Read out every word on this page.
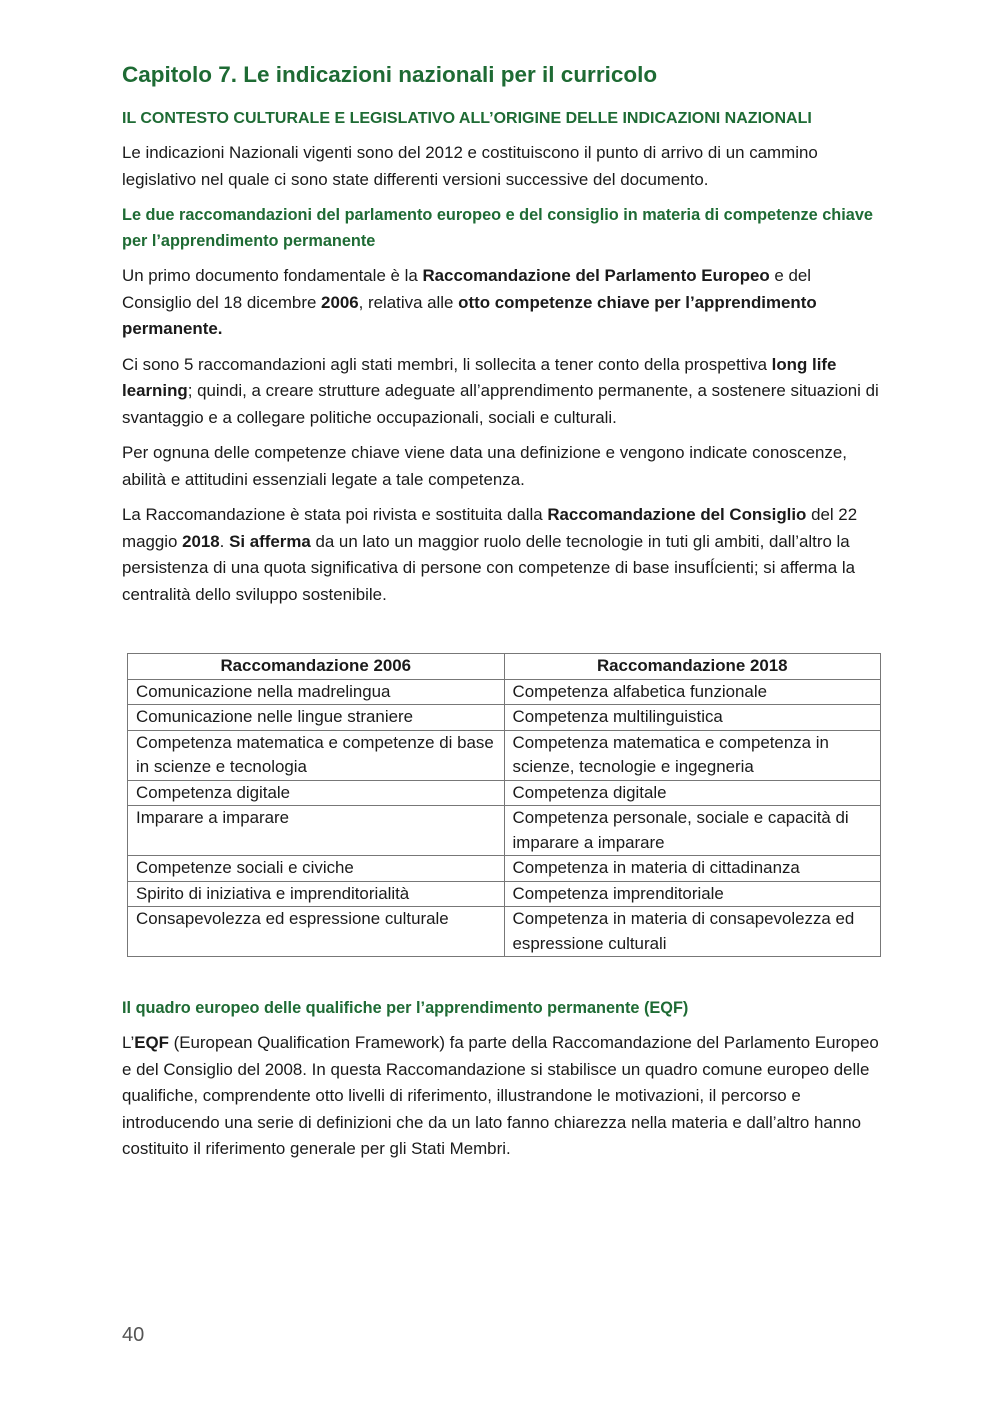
Capitolo 7. Le indicazioni nazionali per il curricolo
IL CONTESTO CULTURALE E LEGISLATIVO ALL’ORIGINE DELLE INDICAZIONI NAZIONALI

Le indicazioni Nazionali vigenti sono del 2012 e costituiscono il punto di arrivo di un cammino legislativo nel quale ci sono state differenti versioni successive del documento.

Le due raccomandazioni del parlamento europeo e del consiglio in materia di competenze chiave per l’apprendimento permanente

Un primo documento fondamentale è la Raccomandazione del Parlamento Europeo e del Consiglio del 18 dicembre 2006, relativa alle otto competenze chiave per l’apprendimento permanente.

Ci sono 5 raccomandazioni agli stati membri, li sollecita a tener conto della prospettiva long life learning; quindi, a creare strutture adeguate all’apprendimento permanente, a sostenere situazioni di svantaggio e a collegare politiche occupazionali, sociali e culturali.

Per ognuna delle competenze chiave viene data una definizione e vengono indicate conoscenze, abilità e attitudini essenziali legate a tale competenza.

La Raccomandazione è stata poi rivista e sostituita dalla Raccomandazione del Consiglio del 22 maggio 2018. Si afferma da un lato un maggior ruolo delle tecnologie in tuti gli ambiti, dall’altro la persistenza di una quota significativa di persone con competenze di base insufÍcienti; si afferma la centralità dello sviluppo sostenibile.

Raccomandazione 2006	Raccomandazione 2018
Comunicazione nella madrelingua	Competenza alfabetica funzionale
Comunicazione nelle lingue straniere	Competenza multilinguistica
Competenza matematica e competenze di base in scienze e tecnologia	Competenza matematica e competenza in scienze, tecnologie e ingegneria
Competenza digitale	Competenza digitale
Imparare a imparare	Competenza personale, sociale e capacità di imparare a imparare
Competenze sociali e civiche	Competenza in materia di cittadinanza
Spirito di iniziativa e imprenditorialità	Competenza imprenditoriale
Consapevolezza ed espressione culturale	Competenza in materia di consapevolezza ed espressione culturali
Il quadro europeo delle qualifiche per l’apprendimento permanente (EQF)

L’EQF (European Qualification Framework) fa parte della Raccomandazione del Parlamento Europeo e del Consiglio del 2008. In questa Raccomandazione si stabilisce un quadro comune europeo delle qualifiche, comprendente otto livelli di riferimento, illustrandone le motivazioni, il percorso e introducendo una serie di definizioni che da un lato fanno chiarezza nella materia e dall’altro hanno costituito il riferimento generale per gli Stati Membri.

40
